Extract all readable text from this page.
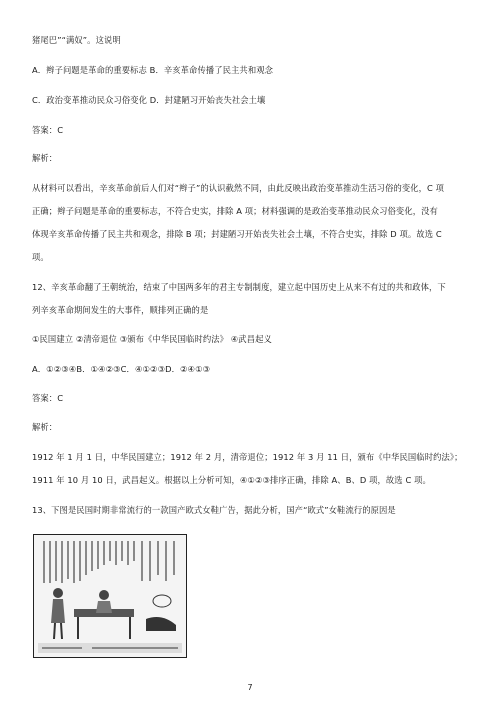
猪尾巴”“满奴”。这说明
A．辫子问题是革命的重要标志 B．辛亥革命传播了民主共和观念
C．政治变革推动民众习俗变化 D．封建陋习开始丧失社会土壤
答案：C
解析：
从材料可以看出，辛亥革命前后人们对“辫子”的认识截然不同，由此反映出政治变革推动生活习俗的变化，C 项
正确；辫子问题是革命的重要标志，不符合史实，排除 A 项；材料强调的是政治变革推动民众习俗变化，没有
体现辛亥革命传播了民主共和观念，排除 B 项；封建陋习开始丧失社会土壤，不符合史实，排除 D 项。故选 C
项。
12、辛亥革命翻了王朝统治，结束了中国两多年的君主专制制度，建立起中国历史上从来不有过的共和政体，下
列辛亥革命期间发生的大事件，顺排列正确的是
①民国建立 ②清帝退位 ③颁布《中华民国临时约法》 ④武昌起义
A．①②③④B．①④②③C．④①②③D．②④①③
答案：C
解析：
1912 年 1 月 1 日，中华民国建立；1912 年 2 月，清帝退位；1912 年 3 月 11 日，颁布《中华民国临时约法》；
1911 年 10 月 10 日，武昌起义。根据以上分析可知，④①②③排序正确，排除 A、B、D 项，故选 C 项。
13、下图是民国时期非常流行的一款国产欧式女鞋广告，据此分析，国产“欧式”女鞋流行的原因是
7
